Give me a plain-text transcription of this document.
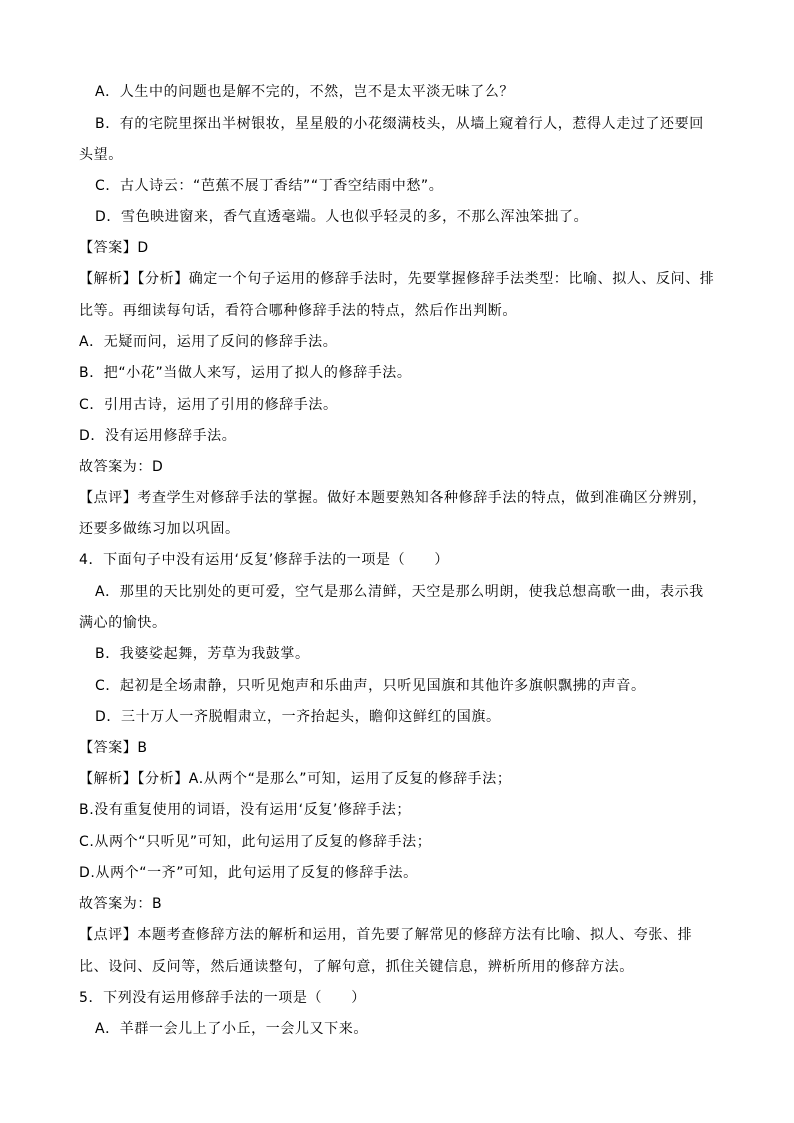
A．人生中的问题也是解不完的，不然，岂不是太平淡无味了么？
B．有的宅院里探出半树银妆，星星般的小花缀满枝头，从墙上窥着行人，惹得人走过了还要回
头望。
C．古人诗云：“芭蕉不展丁香结”“丁香空结雨中愁”。
D．雪色映进窗来，香气直透毫端。人也似乎轻灵的多，不那么浑浊笨拙了。
【答案】D
【解析】【分析】确定一个句子运用的修辞手法时，先要掌握修辞手法类型：比喻、拟人、反问、排
比等。再细读每句话，看符合哪种修辞手法的特点，然后作出判断。
A．无疑而问，运用了反问的修辞手法。
B．把“小花”当做人来写，运用了拟人的修辞手法。
C．引用古诗，运用了引用的修辞手法。
D．没有运用修辞手法。
故答案为：D
【点评】考查学生对修辞手法的掌握。做好本题要熟知各种修辞手法的特点，做到准确区分辨别，
还要多做练习加以巩固。
4．下面句子中没有运用‘反复’修辞手法的一项是（　　）
A．那里的天比别处的更可爱，空气是那么清鲜，天空是那么明朗，使我总想高歌一曲，表示我
满心的愉快。
B．我婆娑起舞，芳草为我鼓掌。
C．起初是全场肃静，只听见炮声和乐曲声，只听见国旗和其他许多旗帜飘拂的声音。
D．三十万人一齐脱帽肃立，一齐抬起头，瞻仰这鲜红的国旗。
【答案】B
【解析】【分析】A.从两个“是那么”可知，运用了反复的修辞手法；
B.没有重复使用的词语，没有运用‘反复’修辞手法；
C.从两个“只听见”可知，此句运用了反复的修辞手法；
D.从两个“一齐”可知，此句运用了反复的修辞手法。
故答案为：B
【点评】本题考查修辞方法的解析和运用，首先要了解常见的修辞方法有比喻、拟人、夸张、排
比、设问、反问等，然后通读整句，了解句意，抓住关键信息，辨析所用的修辞方法。
5．下列没有运用修辞手法的一项是（　　）
A．羊群一会儿上了小丘，一会儿又下来。
